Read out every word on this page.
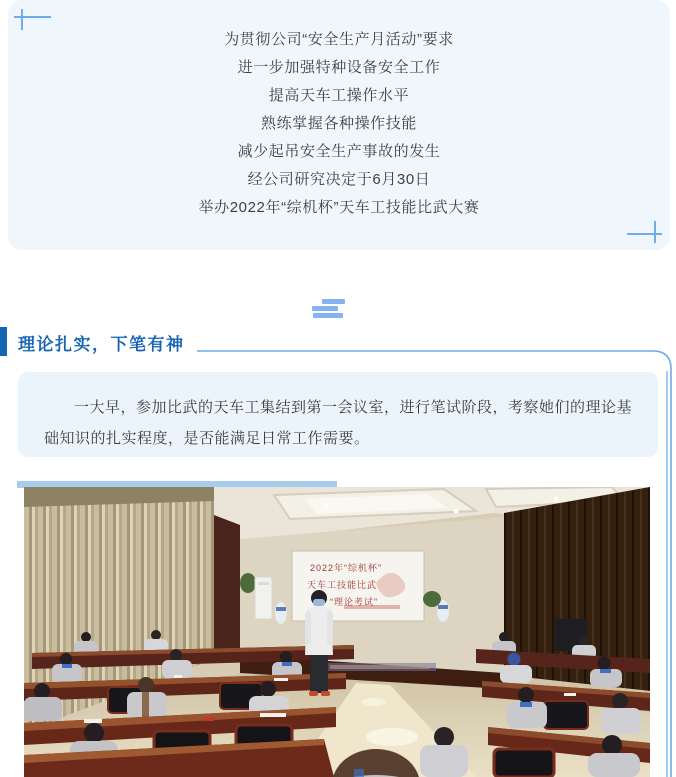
为贯彻公司“安全生产月活动”要求

进一步加强特种设备安全工作

提高天车工操作水平

熟练掌握各种操作技能

减少起吊安全生产事故的发生

经公司研究决定于6月30日

举办2022年“综机杯”天车工技能比武大赛

理论扎实，下笔有神

一大早，参加比武的天车工集结到第一会议室，进行笔试阶段，考察她们的理论基础知识的扎实程度，是否能满足日常工作需要。

2022年“综机杯”
天车工技能比武
“理论考试”
